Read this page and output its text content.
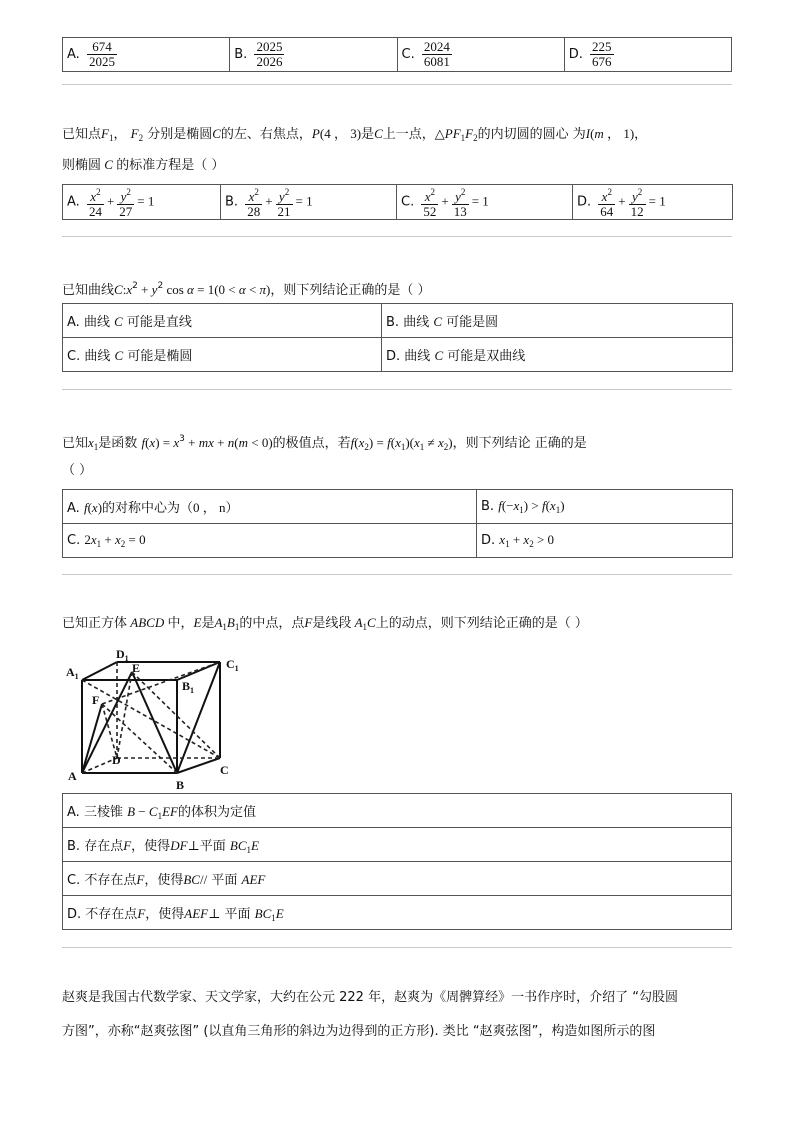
A. $\frac{674}{2025}$	B. $\frac{2025}{2026}$	C. $\frac{2024}{6081}$	D. $\frac{225}{676}$
已知点$F_1$， $F_2$ 分别是椭圆C的左、右焦点，P(4 ， 3)是C上一点，$\triangle PF_1F_2$的内切圆的圆心 为I(m ， 1)，
则椭圆 C 的标准方程是（ ）
A. $\frac{x^2}{24} + \frac{y^2}{27} = 1$	B. $\frac{x^2}{28} + \frac{y^2}{21} = 1$	C. $\frac{x^2}{52} + \frac{y^2}{13} = 1$	D. $\frac{x^2}{64} + \frac{y^2}{12} = 1$
已知曲线$C:x^2 + y^2$ cos α = 1(0 < α < π)，则下列结论正确的是（ ）
A. 曲线 C 可能是直线	B. 曲线 C 可能是圆
C. 曲线 C 可能是椭圆	D. 曲线 C 可能是双曲线
已知$x_1$是函数 $f(x) = x^3$ + mx + n(m < 0)的极值点，若$f(x_2) = f(x_1)(x_1 \ne x_2)$，则下列结论 正确的是
（ ）
A. f(x)的对称中心为（0 ， n）	B. $f(-x_1) > f(x_1)$
C. $2x_1 + x_2 = 0$	D. $x_1 + x_2 > 0$
已知正方体 ABCD 中，E是$A_1B_1$的中点，点F是线段 $A_1C$上的动点，则下列结论正确的是（ ）
$A_1$
$D_1$
E	$C_1$
$B_1$
F
D
A
B
C
A. 三棱锥 $B - C_1EF$的体积为定值
B. 存在点F，使得DF⊥平面 $BC_1E$
C. 不存在点F，使得BC// 平面 AEF
D. 不存在点F，使得AEF⊥ 平面 $BC_1E$
赵爽是我国古代数学家、天文学家，大约在公元 222 年，赵爽为《周髀算经》一书作序时，介绍了 “勾股圆
方图”，亦称“赵爽弦图” (以直角三角形的斜边为边得到的正方形). 类比 “赵爽弦图”，构造如图所示的图
